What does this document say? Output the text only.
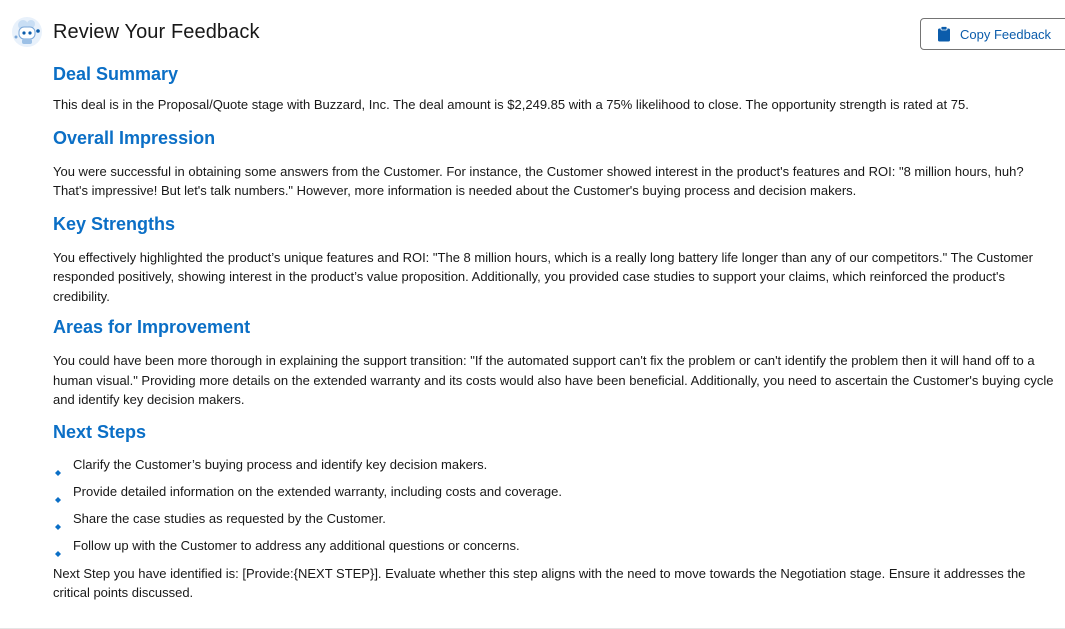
Review Your Feedback	Copy Feedback
Deal Summary

This deal is in the Proposal/Quote stage with Buzzard, Inc. The deal amount is $2,249.85 with a 75% likelihood to close. The opportunity strength is rated at 75.

Overall Impression

You were successful in obtaining some answers from the Customer. For instance, the Customer showed interest in the product's features and ROI: "8 million hours, huh? That's impressive! But let's talk numbers." However, more information is needed about the Customer's buying process and decision makers.

Key Strengths

You effectively highlighted the product’s unique features and ROI: "The 8 million hours, which is a really long battery life longer than any of our competitors." The Customer responded positively, showing interest in the product’s value proposition. Additionally, you provided case studies to support your claims, which reinforced the product's credibility.

Areas for Improvement

You could have been more thorough in explaining the support transition: "If the automated support can't fix the problem or can't identify the problem then it will hand off to a human visual." Providing more details on the extended warranty and its costs would also have been beneficial. Additionally, you need to ascertain the Customer's buying cycle and identify key decision makers.

Next Steps
Clarify the Customer’s buying process and identify key decision makers.
Provide detailed information on the extended warranty, including costs and coverage.
Share the case studies as requested by the Customer.
Follow up with the Customer to address any additional questions or concerns.

Next Step you have identified is: [Provide:{NEXT STEP}]. Evaluate whether this step aligns with the need to move towards the Negotiation stage. Ensure it addresses the critical points discussed.
